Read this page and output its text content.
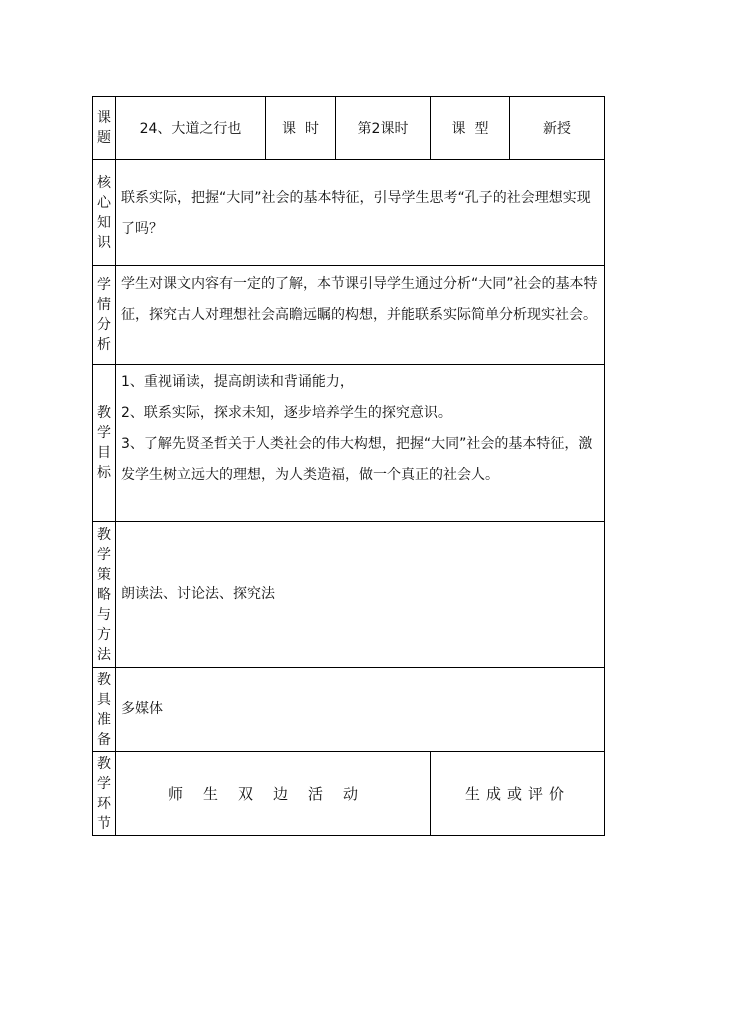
课题	24、大道之行也	课  时	第2课时	课  型	新授

核心知识	联系实际，把握“大同”社会的基本特征，引导学生思考“孔子的社会理想实现了吗？				

学情分析	学生对课文内容有一定的了解，本节课引导学生通过分析“大同”社会的基本特征，探究古人对理想社会高瞻远瞩的构想，并能联系实际简单分析现实社会。				

教学目标	1、重视诵读，提高朗读和背诵能力，

2、联系实际，探求未知，逐步培养学生的探究意识。

3、了解先贤圣哲关于人类社会的伟大构想，把握“大同”社会的基本特征，激发学生树立远大的理想，为人类造福，做一个真正的社会人。				

教学策略与方法	朗读法、讨论法、探究法				

教具准备	多媒体				

教学环节	师生双边活动			生成或评价	
